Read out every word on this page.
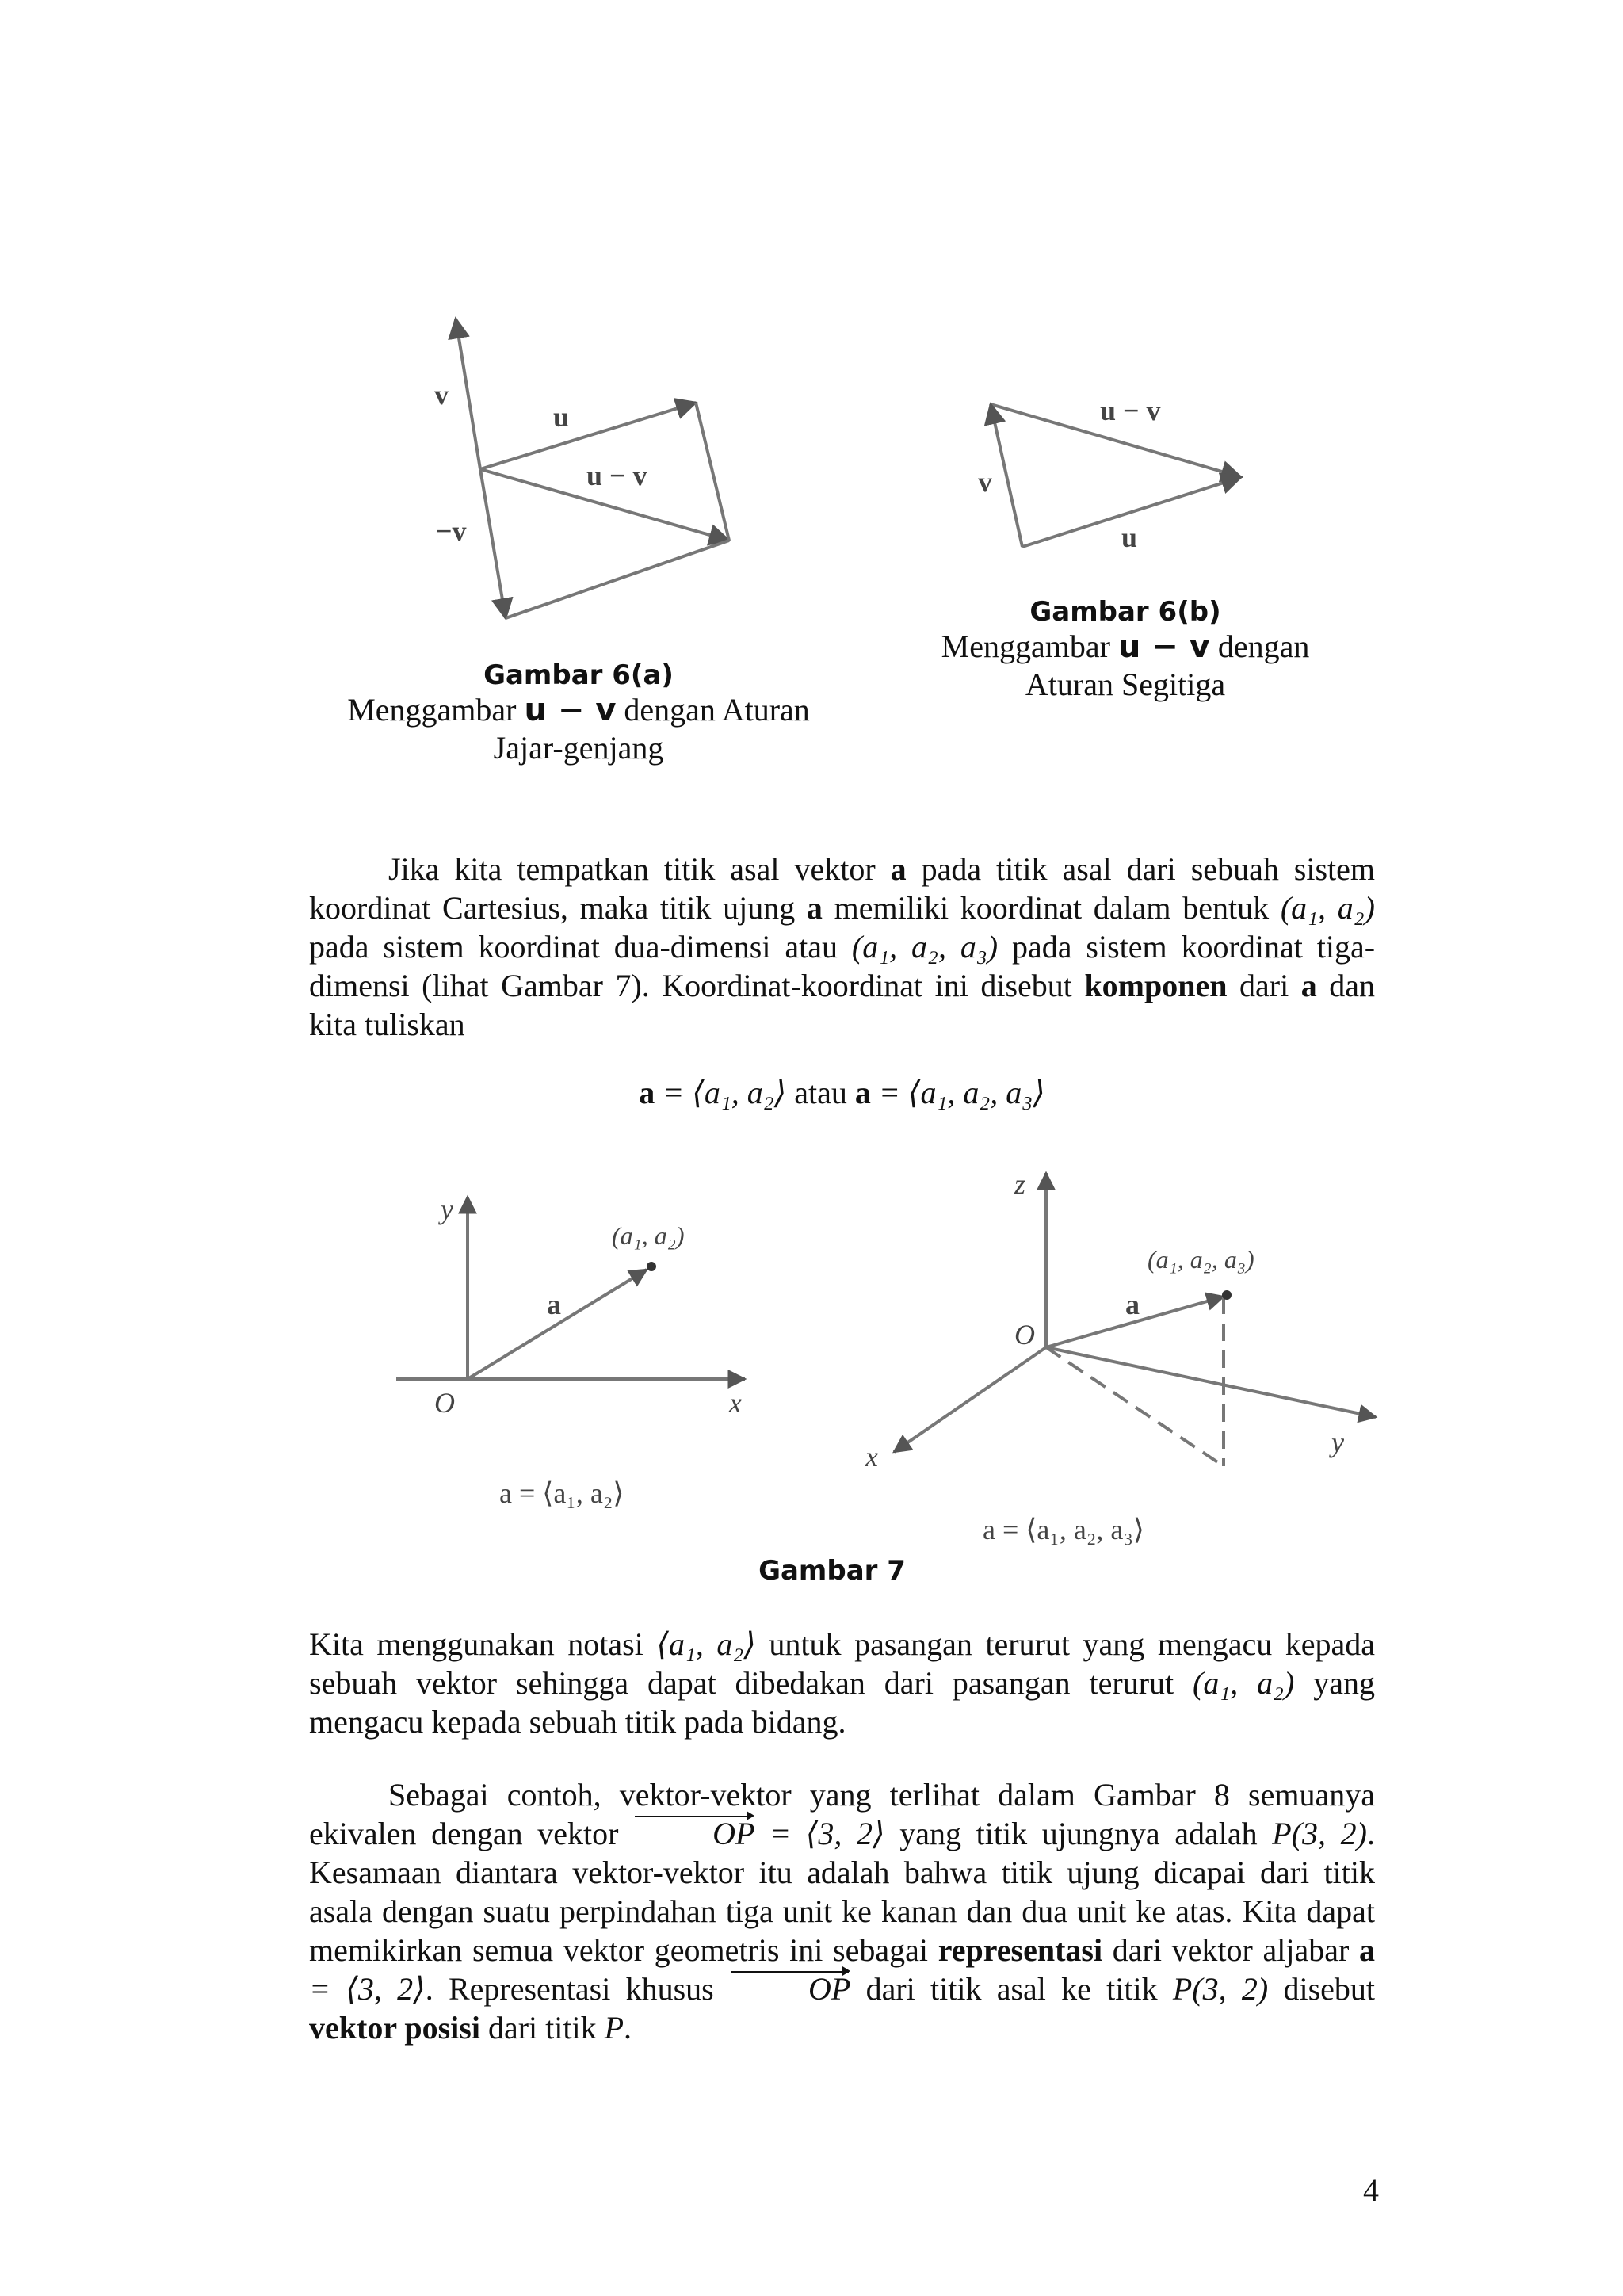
v
u
u − v
−v
Gambar 6(a)
Menggambar u − v dengan Aturan
Jajar-genjang
u − v
v
u
Gambar 6(b)
Menggambar u − v dengan
Aturan Segitiga
Jika kita tempatkan titik asal vektor a pada titik asal dari sebuah sistem koordinat Cartesius, maka titik ujung a memiliki koordinat dalam bentuk (a₁, a₂) pada sistem koordinat dua-dimensi atau (a₁, a₂, a₃) pada sistem koordinat tiga-dimensi (lihat Gambar 7). Koordinat-koordinat ini disebut komponen dari a dan kita tuliskan
a = ⟨a₁, a₂⟩ atau a = ⟨a₁, a₂, a₃⟩
y
x
O
(a₁, a₂)
a
a = ⟨a₁, a₂⟩
z
x	y
O
(a₁, a₂, a₃)
a
a = ⟨a₁, a₂, a₃⟩
Gambar 7
Kita menggunakan notasi ⟨a₁, a₂⟩ untuk pasangan terurut yang mengacu kepada sebuah vektor sehingga dapat dibedakan dari pasangan terurut (a₁, a₂) yang mengacu kepada sebuah titik pada bidang.
Sebagai contoh, vektor-vektor yang terlihat dalam Gambar 8 semuanya ekivalen dengan vektor	OP = ⟨3, 2⟩ yang titik ujungnya adalah P(3, 2). Kesamaan diantara vektor-vektor itu adalah bahwa titik ujung dicapai dari titik asala dengan suatu perpindahan tiga unit ke kanan dan dua unit ke atas. Kita dapat memikirkan semua vektor geometris ini sebagai representasi dari vektor aljabar a = ⟨3, 2⟩. Representasi khusus	OP dari titik asal ke titik P(3, 2) disebut vektor posisi dari titik P.
4
